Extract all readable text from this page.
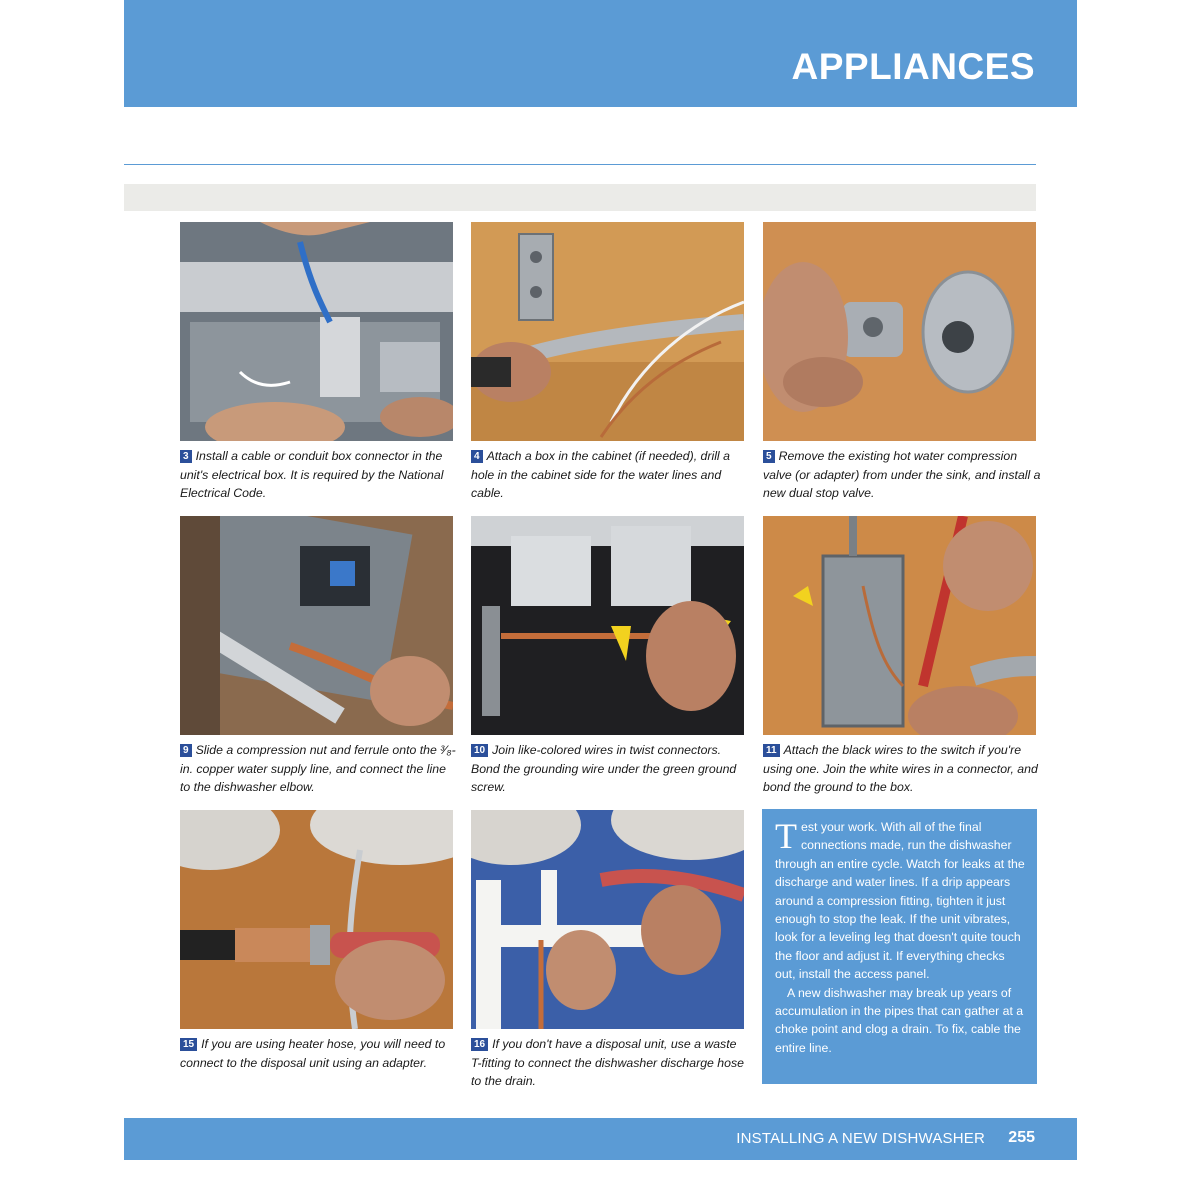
APPLIANCES
3 Install a cable or conduit box connector in the unit's electrical box. It is required by the National Electrical Code.
4 Attach a box in the cabinet (if needed), drill a hole in the cabinet side for the water lines and cable.
5 Remove the existing hot water compression valve (or adapter) from under the sink, and install a new dual stop valve.
9 Slide a compression nut and ferrule onto the ³⁄₈-in. copper water supply line, and connect the line to the dishwasher elbow.
10 Join like-colored wires in twist connectors. Bond the grounding wire under the green ground screw.
11 Attach the black wires to the switch if you're using one. Join the white wires in a connector, and bond the ground to the box.
15 If you are using heater hose, you will need to connect to the disposal unit using an adapter.
16 If you don't have a disposal unit, use a waste T-fitting to connect the dishwasher discharge hose to the drain.

Test your work. With all of the final connections made, run the dishwasher through an entire cycle. Watch for leaks at the discharge and water lines. If a drip appears around a compression fitting, tighten it just enough to stop the leak. If the unit vibrates, look for a leveling leg that doesn't quite touch the floor and adjust it. If everything checks out, install the access panel.

A new dishwasher may break up years of accumulation in the pipes that can gather at a choke point and clog a drain. To fix, cable the entire line.

INSTALLING A NEW DISHWASHER 255
